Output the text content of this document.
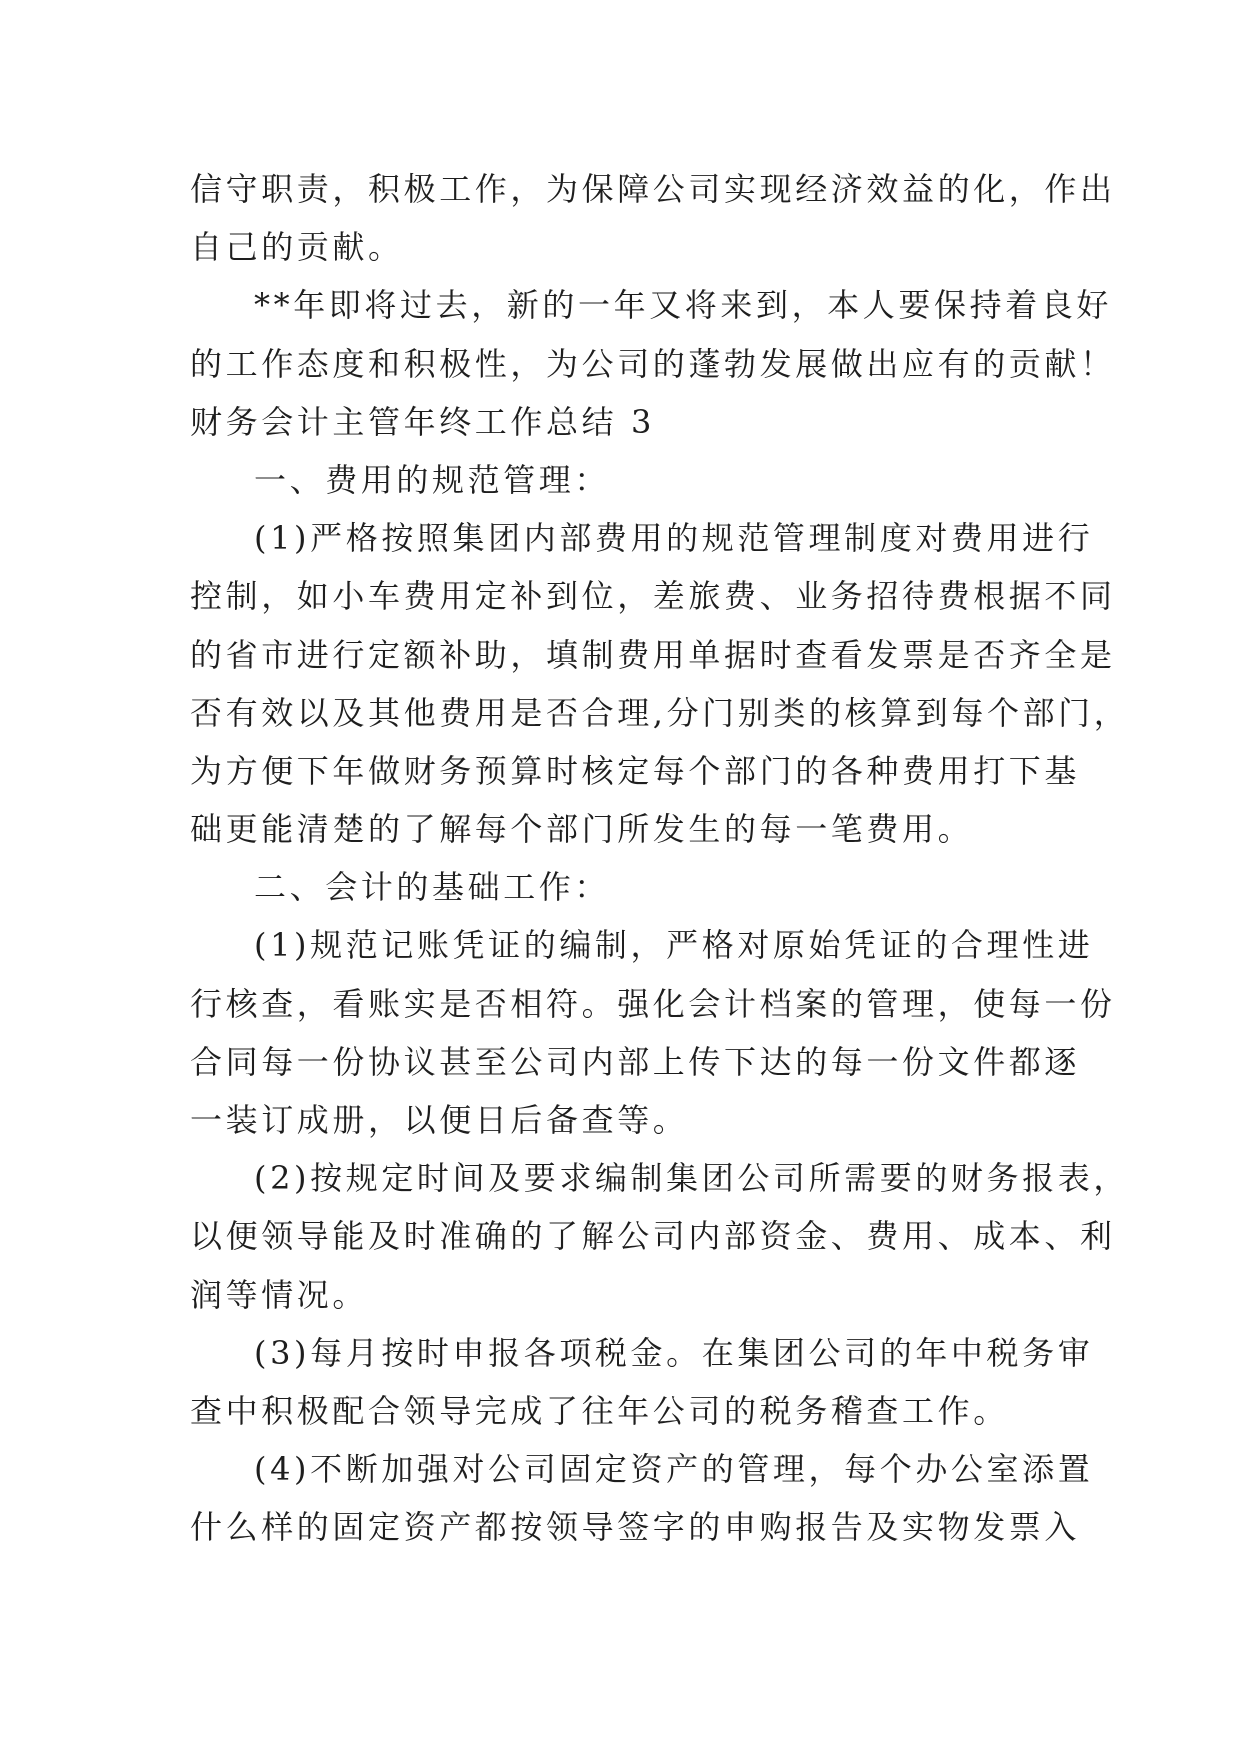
信守职责，积极工作，为保障公司实现经济效益的化，作出
自己的贡献。
**年即将过去，新的一年又将来到，本人要保持着良好
的工作态度和积极性，为公司的蓬勃发展做出应有的贡献！
财务会计主管年终工作总结 3
一、费用的规范管理：
(1)严格按照集团内部费用的规范管理制度对费用进行
控制，如小车费用定补到位，差旅费、业务招待费根据不同
的省市进行定额补助，填制费用单据时查看发票是否齐全是
否有效以及其他费用是否合理,分门别类的核算到每个部门，
为方便下年做财务预算时核定每个部门的各种费用打下基
础更能清楚的了解每个部门所发生的每一笔费用。
二、会计的基础工作：
(1)规范记账凭证的编制，严格对原始凭证的合理性进
行核查，看账实是否相符。强化会计档案的管理，使每一份
合同每一份协议甚至公司内部上传下达的每一份文件都逐
一装订成册，以便日后备查等。
(2)按规定时间及要求编制集团公司所需要的财务报表，
以便领导能及时准确的了解公司内部资金、费用、成本、利
润等情况。
(3)每月按时申报各项税金。在集团公司的年中税务审
查中积极配合领导完成了往年公司的税务稽查工作。
(4)不断加强对公司固定资产的管理，每个办公室添置
什么样的固定资产都按领导签字的申购报告及实物发票入
